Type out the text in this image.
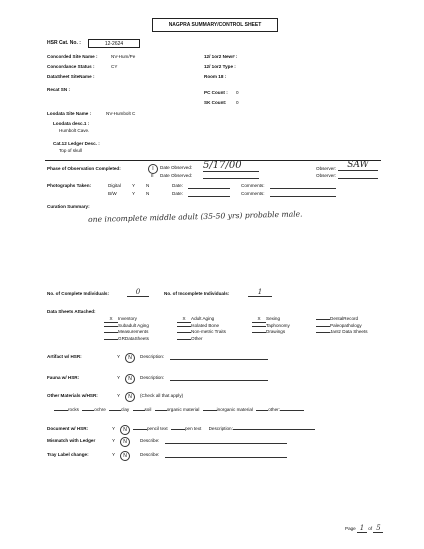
NAGPRA SUMMARY/CONTROL SHEET
HSR Cat. No. :	12-2624
Concorded Site Name :	NV-Hum/Pe
Concordance Status :	CY
DataSheet SiteName :
Recat SN :
Loodata Site Name :	NV-Humbolt C
Loodata desc.1 :
Humbolt Cave.
Cat.12 Ledger Desc. :
Top of skull
12/ 1or2 New# :
12/ 1or2 Type :
Room 18 :
PC Count : 0
SK Count: 0
Phase of Observation Completed:	I	Date Observed: 5/17/00
II Date Observed:
Observer:	SAW
Observer:
Photographs Taken:	Digital Y N
B/W	Y N
Date:
Date:
Comments:
Comments:
Curation Summary:
one incomplete middle adult (35-50 yrs) probable male.
No. of Complete Individuals:	0	No. of Incomplete Individuals:	1
Data Sheets Attached:
X Inventory
Subadult Aging
Measurements
GRDataSheets
X Adult Aging
Isolated Bone
Non-metric Traits
Other
X Sexing
Taphonomy
Drawings
DentalRecord
Paleopathology
Jantz Data Sheets
Artifact w/ HSR:	Y	N	Description:
Fauna w/ HSR:	Y	N	Description:
Other Materials w/HSR:	Y	N	(Check all that apply)
rocks	ochre	clay	soil	organic material	inorganic material	other:
Document w/ HSR:	Y	N	pencil text	pen text Description:
Mismatch with Ledger	Y	N	Describe:
Tray Label change:	Y	N	Describe:
Page 1 of 5
